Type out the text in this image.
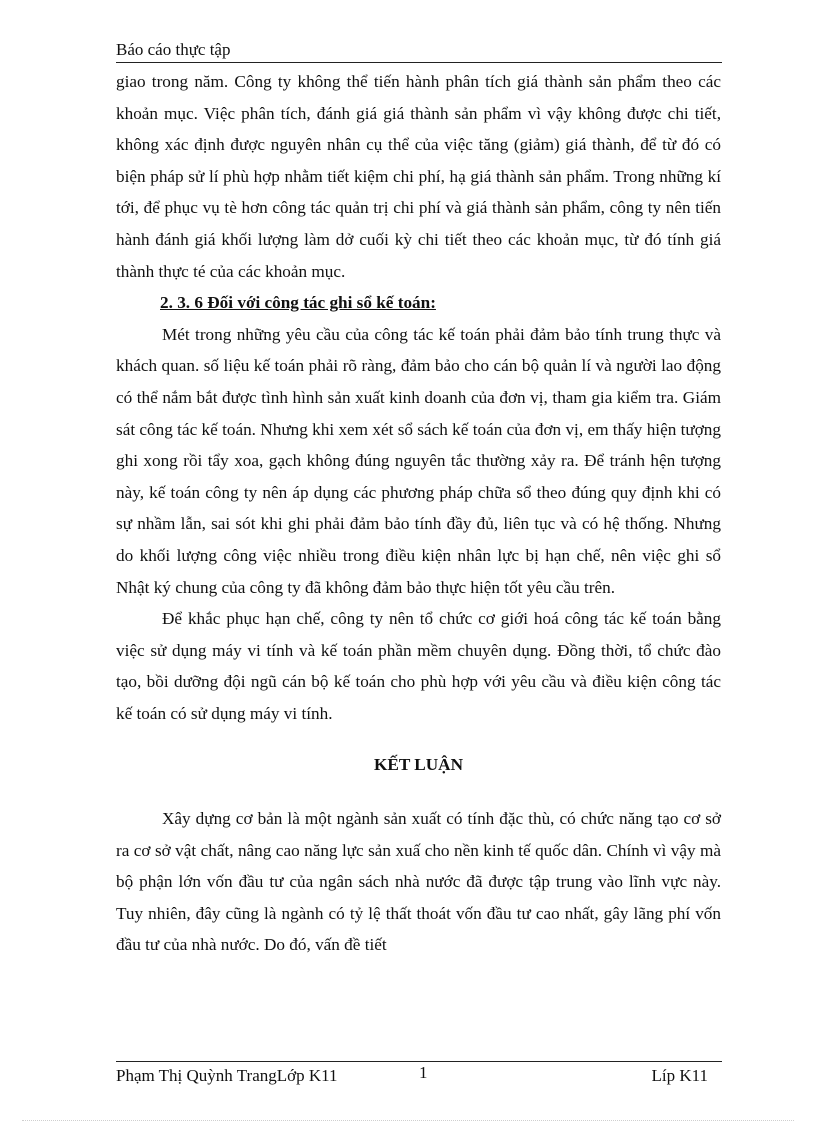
Báo cáo thực tập

giao trong năm. Công ty không thể tiến hành phân tích giá thành sản phẩm theo các khoản mục. Việc phân tích, đánh giá giá thành sản phẩm vì vậy không được chi tiết, không xác định được nguyên nhân cụ thể của việc tăng (giảm) giá thành, để từ đó có biện pháp sử lí phù hợp nhằm tiết kiệm chi phí, hạ giá thành sản phẩm. Trong những kí tới, để phục vụ tè hơn công tác quản trị chi phí và giá thành sản phẩm, công ty nên tiến hành đánh giá khối lượng làm dở cuối kỳ chi tiết theo các khoản mục, từ đó tính giá thành thực té của các khoản mục.

2. 3. 6 Đối với công tác ghi sổ kế toán:

Mét trong những yêu cầu của công tác kế toán phải đảm bảo tính trung thực và khách quan. số liệu kế toán phải rõ ràng, đảm bảo cho cán bộ quản lí và người lao động có thể nắm bắt được tình hình sản xuất kinh doanh của đơn vị, tham gia kiểm tra. Giám sát công tác kế toán. Nhưng khi xem xét sổ sách kế toán của đơn vị, em thấy hiện tượng ghi xong rồi tẩy xoa, gạch không đúng nguyên tắc thường xảy ra. Để tránh hện tượng này, kế toán công ty nên áp dụng các phương pháp chữa sổ theo đúng quy định khi có sự nhầm lẫn, sai sót khi ghi phải đảm bảo tính đầy đủ, liên tục và có hệ thống. Nhưng do khối lượng công việc nhiều trong điều kiện nhân lực bị hạn chế, nên việc ghi sổ Nhật ký chung của công ty đã không đảm bảo thực hiện tốt yêu cầu trên.

Để khắc phục hạn chế, công ty nên tổ chức cơ giới hoá công tác kế toán bằng việc sử dụng máy vi tính và kế toán phần mềm chuyên dụng. Đồng thời, tổ chức đào tạo, bồi dưỡng đội ngũ cán bộ kế toán cho phù hợp với yêu cầu và điều kiện công tác kế toán có sử dụng máy vi tính.

KẾT LUẬN

Xây dựng cơ bản là một ngành sản xuất có tính đặc thù, có chức năng tạo cơ sở ra cơ sở vật chất, nâng cao năng lực sản xuấ cho nền kinh tế quốc dân. Chính vì vậy mà bộ phận lớn vốn đầu tư của ngân sách nhà nước đã được tập trung vào lĩnh vực này. Tuy nhiên, đây cũng là ngành có tỷ lệ thất thoát vốn đầu tư cao nhất, gây lãng phí vốn đầu tư của nhà nước. Do đó, vấn đề tiết

Phạm Thị Quỳnh TrangLớp K11	1	Líp K11
